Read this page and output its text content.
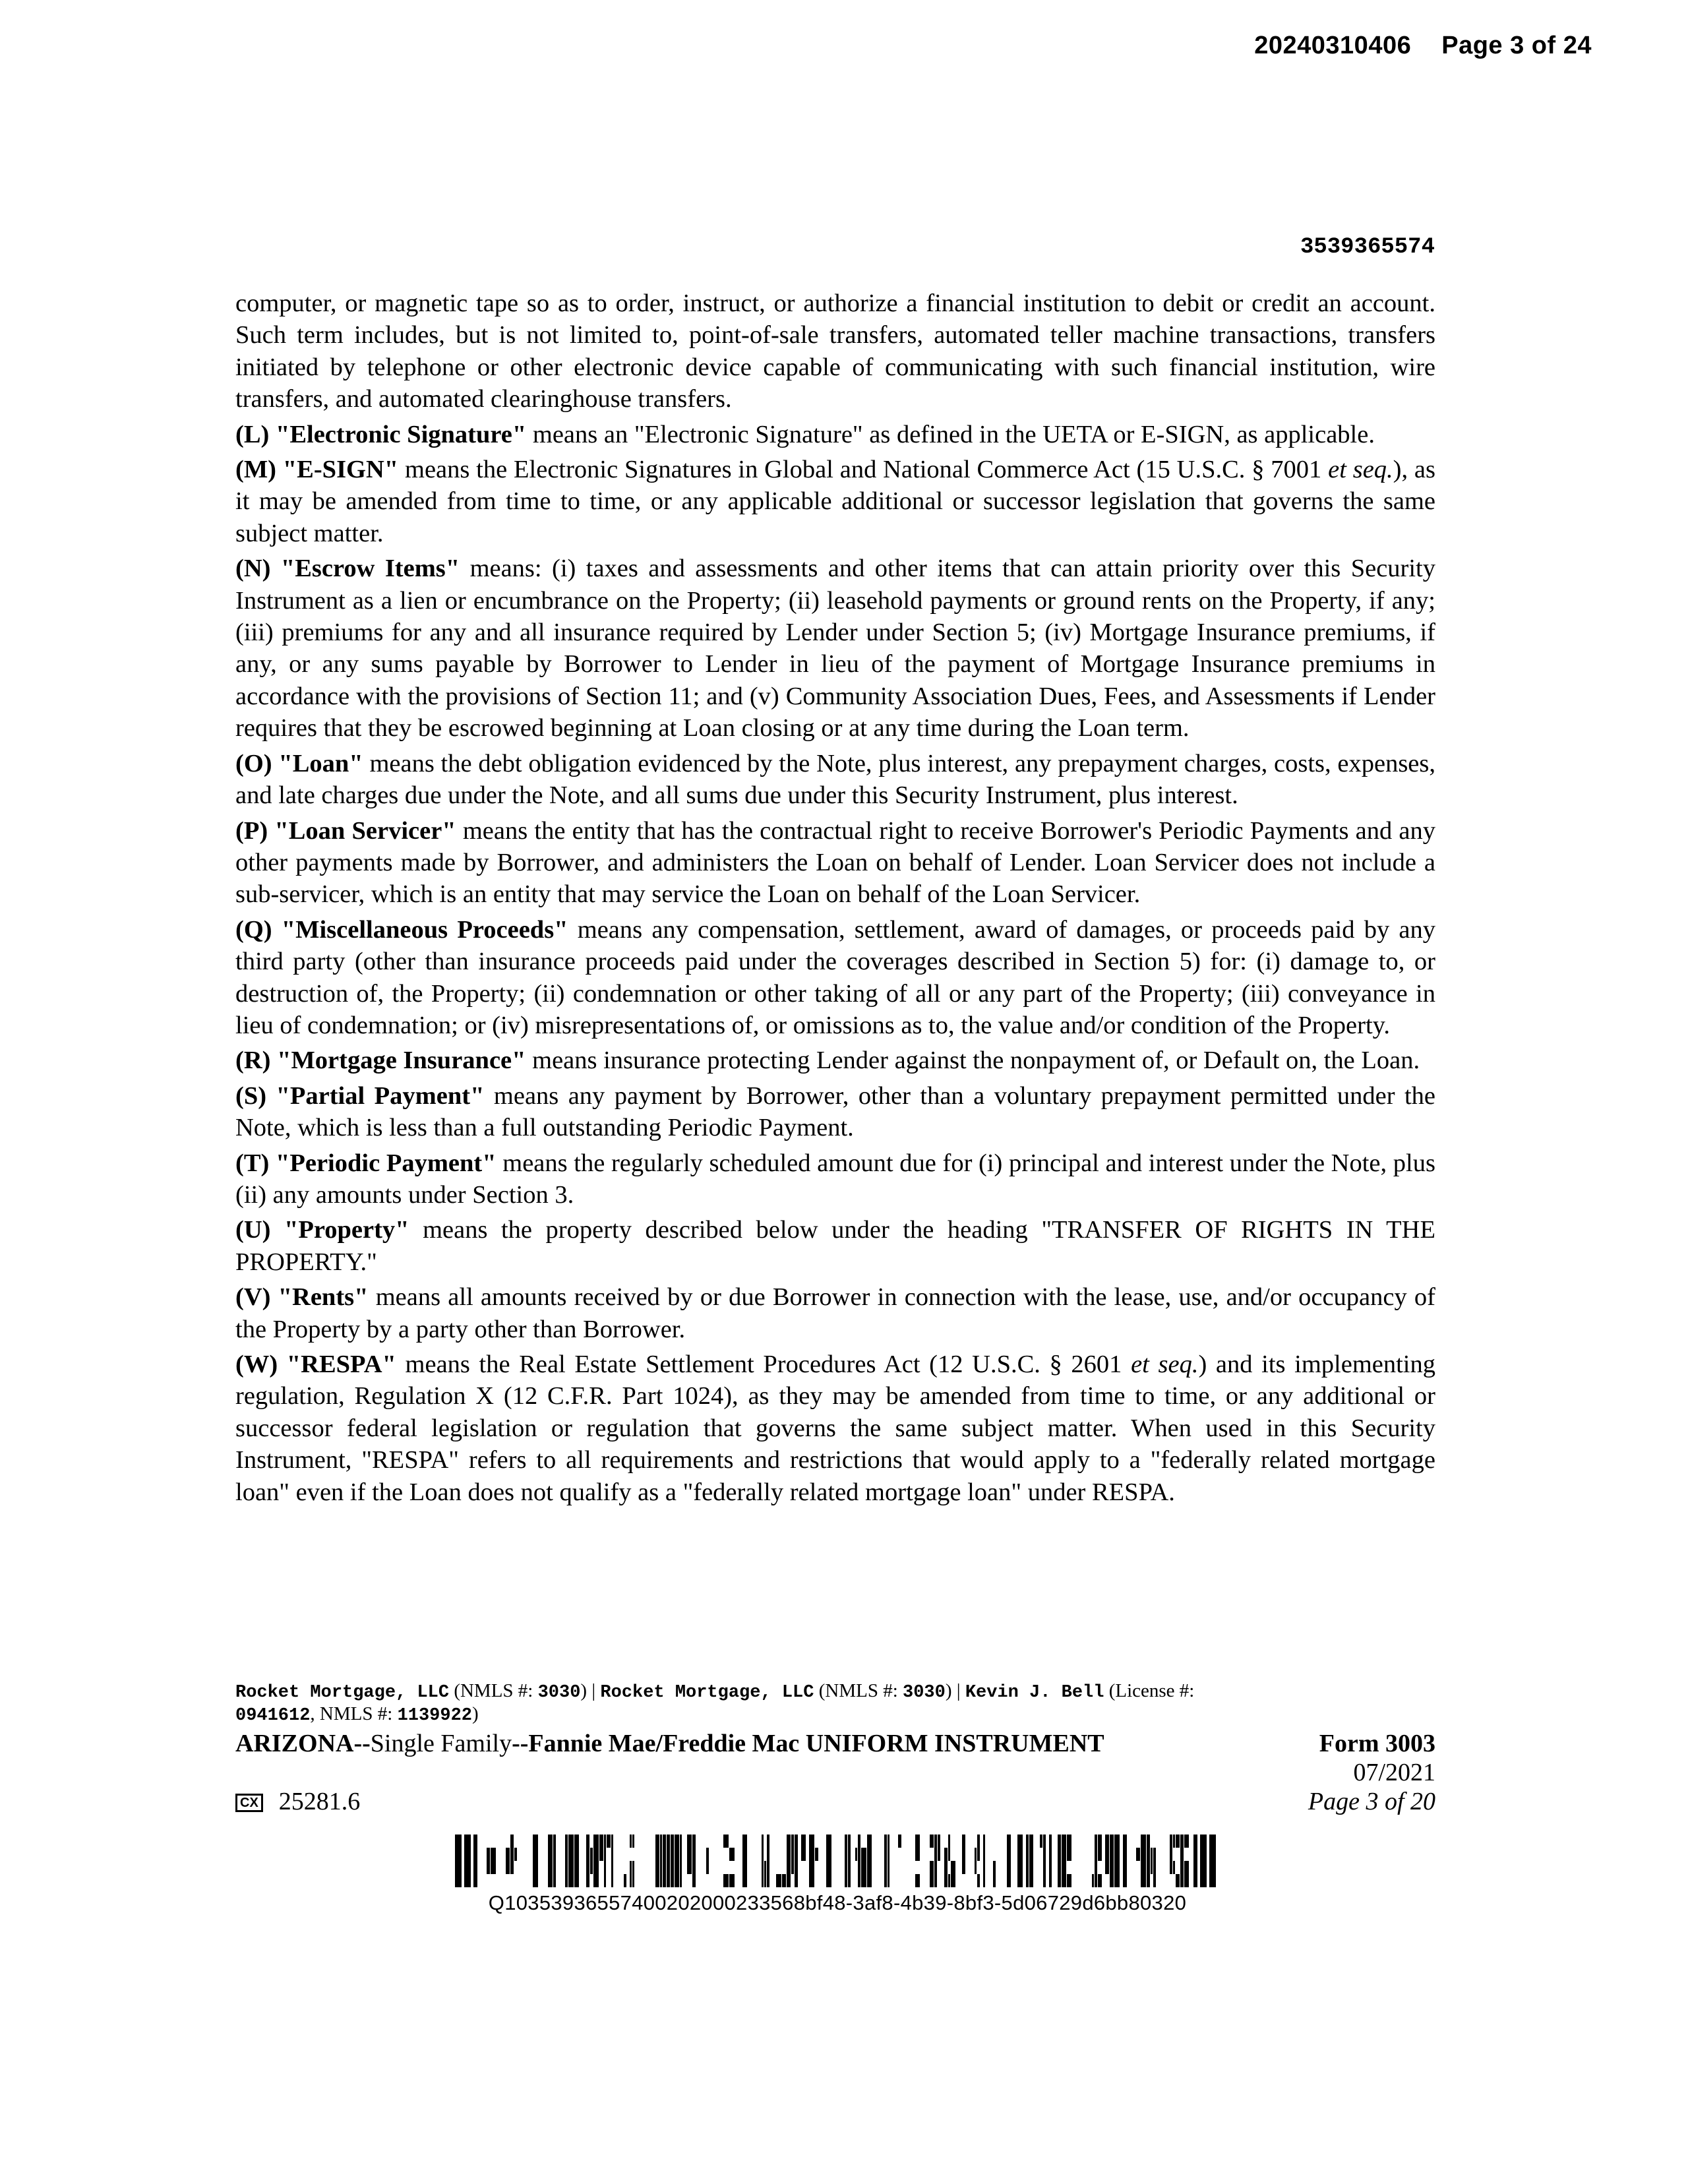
20240310406 Page 3 of 24
3539365574

computer, or magnetic tape so as to order, instruct, or authorize a financial institution to debit or credit an account. Such term includes, but is not limited to, point-of-sale transfers, automated teller machine transactions, transfers initiated by telephone or other electronic device capable of communicating with such financial institution, wire transfers, and automated clearinghouse transfers.

(L) "Electronic Signature" means an "Electronic Signature" as defined in the UETA or E-SIGN, as applicable.

(M) "E-SIGN" means the Electronic Signatures in Global and National Commerce Act (15 U.S.C. § 7001 et seq.), as it may be amended from time to time, or any applicable additional or successor legislation that governs the same subject matter.

(N) "Escrow Items" means: (i) taxes and assessments and other items that can attain priority over this Security Instrument as a lien or encumbrance on the Property; (ii) leasehold payments or ground rents on the Property, if any; (iii) premiums for any and all insurance required by Lender under Section 5; (iv) Mortgage Insurance premiums, if any, or any sums payable by Borrower to Lender in lieu of the payment of Mortgage Insurance premiums in accordance with the provisions of Section 11; and (v) Community Association Dues, Fees, and Assessments if Lender requires that they be escrowed beginning at Loan closing or at any time during the Loan term.

(O) "Loan" means the debt obligation evidenced by the Note, plus interest, any prepayment charges, costs, expenses, and late charges due under the Note, and all sums due under this Security Instrument, plus interest.

(P) "Loan Servicer" means the entity that has the contractual right to receive Borrower's Periodic Payments and any other payments made by Borrower, and administers the Loan on behalf of Lender. Loan Servicer does not include a sub-servicer, which is an entity that may service the Loan on behalf of the Loan Servicer.

(Q) "Miscellaneous Proceeds" means any compensation, settlement, award of damages, or proceeds paid by any third party (other than insurance proceeds paid under the coverages described in Section 5) for: (i) damage to, or destruction of, the Property; (ii) condemnation or other taking of all or any part of the Property; (iii) conveyance in lieu of condemnation; or (iv) misrepresentations of, or omissions as to, the value and/or condition of the Property.

(R) "Mortgage Insurance" means insurance protecting Lender against the nonpayment of, or Default on, the Loan.

(S) "Partial Payment" means any payment by Borrower, other than a voluntary prepayment permitted under the Note, which is less than a full outstanding Periodic Payment.

(T) "Periodic Payment" means the regularly scheduled amount due for (i) principal and interest under the Note, plus (ii) any amounts under Section 3.

(U) "Property" means the property described below under the heading "TRANSFER OF RIGHTS IN THE PROPERTY."

(V) "Rents" means all amounts received by or due Borrower in connection with the lease, use, and/or occupancy of the Property by a party other than Borrower.

(W) "RESPA" means the Real Estate Settlement Procedures Act (12 U.S.C. § 2601 et seq.) and its implementing regulation, Regulation X (12 C.F.R. Part 1024), as they may be amended from time to time, or any additional or successor federal legislation or regulation that governs the same subject matter. When used in this Security Instrument, "RESPA" refers to all requirements and restrictions that would apply to a "federally related mortgage loan" even if the Loan does not qualify as a "federally related mortgage loan" under RESPA.

Rocket Mortgage, LLC (NMLS #: 3030) | Rocket Mortgage, LLC (NMLS #: 3030) | Kevin J. Bell (License #:
0941612, NMLS #: 1139922)
ARIZONA--Single Family--Fannie Mae/Freddie Mac UNIFORM INSTRUMENT	Form 3003
CX 25281.6
07/2021
Page 3 of 20
Q10353936557400202000233568bf48-3af8-4b39-8bf3-5d06729d6bb80320
